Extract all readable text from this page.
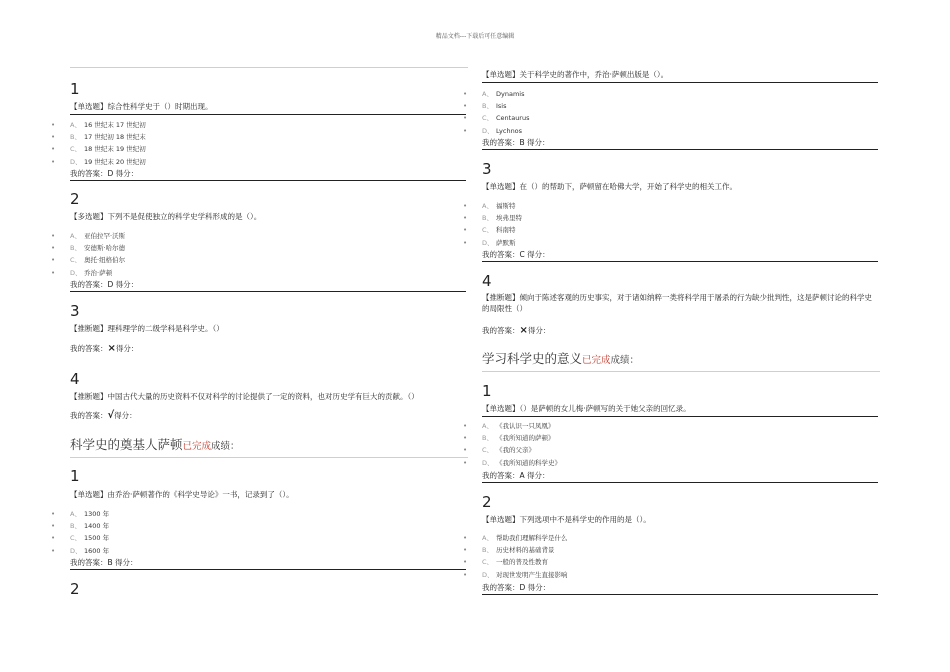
精品文档---下载后可任意编辑
1
【单选题】综合性科学史于（）时期出现。
• A、 16 世纪末 17 世纪初
• B、 17 世纪初 18 世纪末
• C、 18 世纪末 19 世纪初
• D、 19 世纪末 20 世纪初
我的答案：D 得分：
2
【多选题】下列不是促使独立的科学史学科形成的是（）。
• A、 亚伯拉罕·沃斯
• B、 安德斯·哈尔德
• C、 奥托·纽格伯尔
• D、 乔治·萨顿
我的答案：D 得分：
3
【推断题】理科理学的二级学科是科学史。（）
我的答案：×得分：
4
【推断题】中国古代大量的历史资料不仅对科学的讨论提供了一定的资料，也对历史学有巨大的贡献。（）
我的答案：√得分：
科学史的奠基人萨顿已完成成绩：
1
【单选题】由乔治·萨顿著作的《科学史导论》一书，记录到了（）。
• A、 1300 年
• B、 1400 年
• C、 1500 年
• D、 1600 年
我的答案：B 得分：
2
【单选题】关于科学史的著作中，乔治·萨顿出版是（）。
• A、 Dynamis
• B、 Isis
• C、 Centaurus
• D、 Lychnos
我的答案：B 得分：
3
【单选题】在（）的帮助下，萨顿留在哈佛大学，开始了科学史的相关工作。
• A、 福斯特
• B、 埃弗里特
• C、 科南特
• D、 萨默斯
我的答案：C 得分：
4
【推断题】倾向于陈述客观的历史事实，对于诸如纳粹一类将科学用于屠杀的行为缺少批判性，这是萨顿讨论的科学史的局限性（）
我的答案：×得分：
学习科学史的意义已完成成绩：
1
【单选题】（）是萨顿的女儿梅·萨顿写的关于她父亲的回忆录。
• A、 《我认识一只凤凰》
• B、 《我所知道的萨顿》
• C、 《我的父亲》
• D、 《我所知道的科学史》
我的答案：A 得分：
2
【单选题】下列选项中不是科学史的作用的是（）。
• A、 帮助我们理解科学是什么
• B、 历史材料的基础背景
• C、 一般的普及性教育
• D、 对现世发明产生直接影响
我的答案：D 得分：
